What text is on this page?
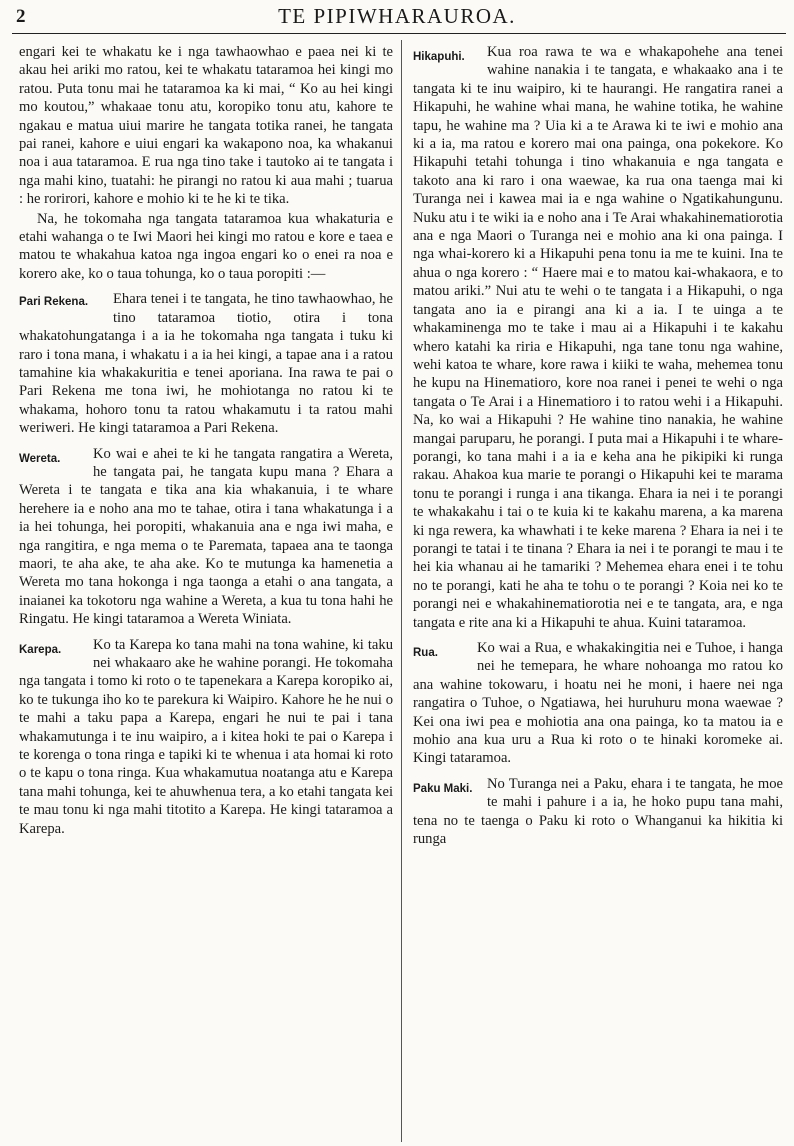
2	TE PIPIWHARAUROA.

engari kei te whakatu ke i nga tawhaowhao e paea nei ki te akau hei ariki mo ratou, kei te whakatu tataramoa hei kingi mo ratou. Puta tonu mai he tataramoa ka ki mai, “ Ko au hei kingi mo koutou,” whakaae tonu atu, koropiko tonu atu, kahore te ngakau e matua uiui marire he tangata totika ranei, he tangata pai ranei, kahore e uiui engari ka wakapono noa, ka whakanui noa i aua tataramoa. E rua nga tino take i tautoko ai te tangata i nga mahi kino, tuatahi: he pirangi no ratou ki aua mahi ; tuarua : he rorirori, kahore e mohio ki te he ki te tika.

Na, he tokomaha nga tangata tataramoa kua whakaturia e etahi wahanga o te Iwi Maori hei kingi mo ratou e kore e taea e matou te whakahua katoa nga ingoa engari ko o enei ra noa e korero ake, ko o taua tohunga, ko o taua poropiti :—

Pari Rekena.	Ehara tenei i te tangata, he tino tawhaowhao, he tino tataramoa tiotio, otira i tona whakatohungatanga i a ia he tokomaha nga tangata i tuku ki raro i tona mana, i whakatu i a ia hei kingi, a tapae ana i a ratou tamahine kia whakakuritia e tenei aporiana. Ina rawa te pai o Pari Rekena me tona iwi, he mohiotanga no ratou ki te whakama, hohoro tonu ta ratou whakamutu i ta ratou mahi weriweri. He kingi tataramoa a Pari Rekena.

Wereta.	Ko wai e ahei te ki he tangata rangatira a Wereta, he tangata pai, he tangata kupu mana ? Ehara a Wereta i te tangata e tika ana kia whakanuia, i te whare herehere ia e noho ana mo te tahae, otira i tana whakatunga i a ia hei tohunga, hei poropiti, whakanuia ana e nga iwi maha, e nga rangitira, e nga mema o te Paremata, tapaea ana te taonga maori, te aha ake, te aha ake. Ko te mutunga ka hamenetia a Wereta mo tana hokonga i nga taonga a etahi o ana tangata, a inaianei ka tokotoru nga wahine a Wereta, a kua tu tona hahi he Ringatu. He kingi tataramoa a Wereta Winiata.

Karepa.	Ko ta Karepa ko tana mahi na tona wahine, ki taku nei whakaaro ake he wahine porangi. He tokomaha nga tangata i tomo ki roto o te tapenekara a Karepa koropiko ai, ko te tukunga iho ko te parekura ki Waipiro. Kahore he he nui o te mahi a taku papa a Karepa, engari he nui te pai i tana whakamutunga i te inu waipiro, a i kitea hoki te pai o Karepa i te korenga o tona ringa e tapiki ki te whenua i ata homai ki roto o te kapu o tona ringa. Kua whakamutua noatanga atu e Karepa tana mahi tohunga, kei te ahuwhenua tera, a ko etahi tangata kei te mau tonu ki nga mahi titotito a Karepa. He kingi tataramoa a Karepa.

Hikapuhi.	Kua roa rawa te wa e whakapohehe ana tenei wahine nanakia i te tangata, e whakaako ana i te tangata ki te inu waipiro, ki te haurangi. He rangatira ranei a Hikapuhi, he wahine whai mana, he wahine totika, he wahine tapu, he wahine ma ? Uia ki a te Arawa ki te iwi e mohio ana ki a ia, ma ratou e korero mai ona painga, ona pokekore. Ko Hikapuhi tetahi tohunga i tino whakanuia e nga tangata e takoto ana ki raro i ona waewae, ka rua ona taenga mai ki Turanga nei i kawea mai ia e nga wahine o Ngatikahungunu. Nuku atu i te wiki ia e noho ana i Te Arai whakahinematiorotia ana e nga Maori o Turanga nei e mohio ana ki ona painga. I nga whai-korero ki a Hikapuhi pena tonu ia me te kuini. Ina te ahua o nga korero : “ Haere mai e to matou kai-whakaora, e to matou ariki.” Nui atu te wehi o te tangata i a Hikapuhi, o nga tangata ano ia e pirangi ana ki a ia. I te uinga a te whakaminenga mo te take i mau ai a Hikapuhi i te kakahu whero katahi ka riria e Hikapuhi, nga tane tonu nga wahine, wehi katoa te whare, kore rawa i kiiki te waha, mehemea tonu he kupu na Hinematioro, kore noa ranei i penei te wehi o nga tangata o Te Arai i a Hinematioro i to ratou wehi i a Hikapuhi. Na, ko wai a Hikapuhi ? He wahine tino nanakia, he wahine mangai paruparu, he porangi. I puta mai a Hikapuhi i te whare-porangi, ko tana mahi i a ia e keha ana he pikipiki ki runga rakau. Ahakoa kua marie te porangi o Hikapuhi kei te marama tonu te porangi i runga i ana tikanga. Ehara ia nei i te porangi te whakakahu i tai o te kuia ki te kakahu marena, a ka marena ki nga rewera, ka whawhati i te keke marena ? Ehara ia nei i te porangi te tatai i te tinana ? Ehara ia nei i te porangi te mau i te hei kia whanau ai he tamariki ? Mehemea ehara enei i te tohu no te porangi, kati he aha te tohu o te porangi ? Koia nei ko te porangi nei e whakahinematiorotia nei e te tangata, ara, e nga tangata e rite ana ki a Hikapuhi te ahua. Kuini tataramoa.

Rua.	Ko wai a Rua, e whakakingitia nei e Tuhoe, i hanga nei he temepara, he whare nohoanga mo ratou ko ana wahine tokowaru, i hoatu nei he moni, i haere nei nga rangatira o Tuhoe, o Ngatiawa, hei huruhuru mona waewae ? Kei ona iwi pea e mohiotia ana ona painga, ko ta matou ia e mohio ana kua uru a Rua ki roto o te hinaki koromeke ai. Kingi tataramoa.

Paku Maki. No Turanga nei a Paku, ehara i te tangata, he moe te mahi i pahure i a ia, he hoko pupu tana mahi, tena no te taenga o Paku ki roto o Whanganui ka hikitia ki runga
